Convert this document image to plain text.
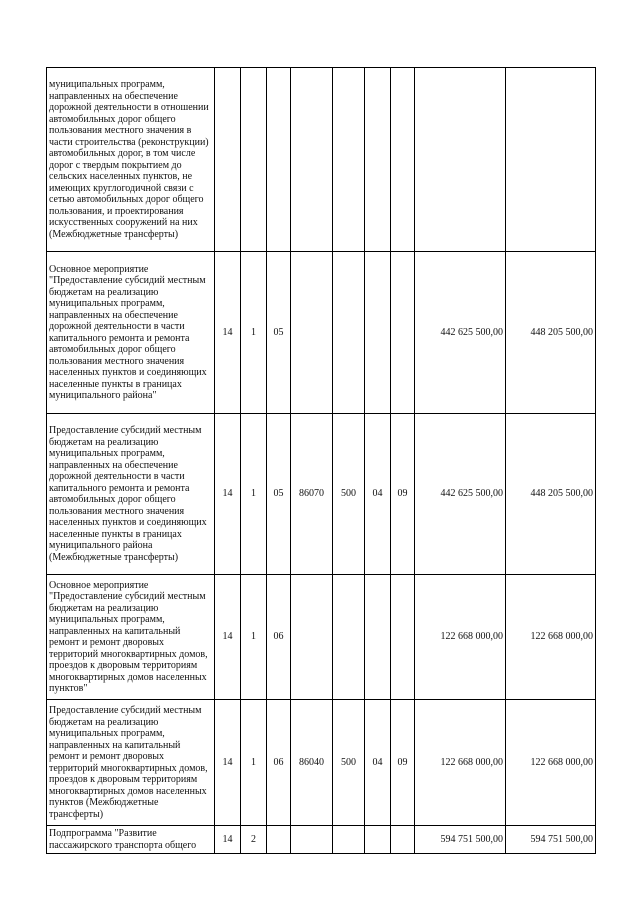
муниципальных программ, направленных на обеспечение дорожной деятельности в отношении автомобильных дорог общего пользования местного значения в части строительства (реконструкции) автомобильных дорог, в том числе дорог с твердым покрытием до сельских населенных пунктов, не имеющих круглогодичной связи с сетью автомобильных дорог общего пользования, и проектирования искусственных сооружений на них (Межбюджетные трансферты)									
Основное мероприятие "Предоставление субсидий местным бюджетам на реализацию муниципальных программ, направленных на обеспечение дорожной деятельности в части капитального ремонта и ремонта автомобильных дорог общего пользования местного значения населенных пунктов и соединяющих населенные пункты в границах муниципального района"	14	1	05					442 625 500,00	448 205 500,00
Предоставление субсидий местным бюджетам на реализацию муниципальных программ, направленных на обеспечение дорожной деятельности в части капитального ремонта и ремонта автомобильных дорог общего пользования местного значения населенных пунктов и соединяющих населенные пункты в границах муниципального района (Межбюджетные трансферты)	14	1	05	86070	500	04	09	442 625 500,00	448 205 500,00
Основное мероприятие "Предоставление субсидий местным бюджетам на реализацию муниципальных программ, направленных на капитальный ремонт и ремонт дворовых территорий многоквартирных домов, проездов к дворовым территориям многоквартирных домов населенных пунктов"	14	1	06					122 668 000,00	122 668 000,00
Предоставление субсидий местным бюджетам на реализацию муниципальных программ, направленных на капитальный ремонт и ремонт дворовых территорий многоквартирных домов, проездов к дворовым территориям многоквартирных домов населенных пунктов (Межбюджетные трансферты)	14	1	06	86040	500	04	09	122 668 000,00	122 668 000,00
Подпрограмма "Развитие пассажирского транспорта общего	14	2						594 751 500,00	594 751 500,00
